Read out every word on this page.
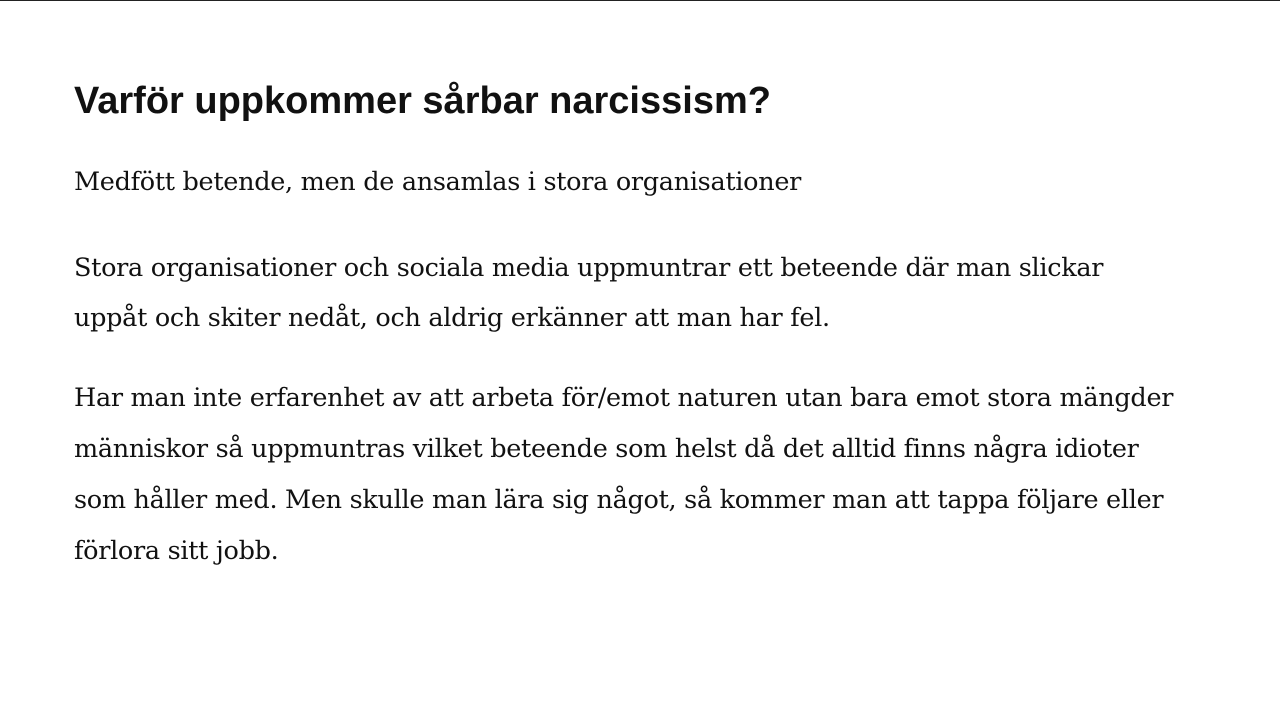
Varför uppkommer sårbar narcissism?

Medfött betende, men de ansamlas i stora organisationer

Stora organisationer och sociala media uppmuntrar ett beteende där man slickar
uppåt och skiter nedåt, och aldrig erkänner att man har fel.

Har man inte erfarenhet av att arbeta för/emot naturen utan bara emot stora mängder
människor så uppmuntras vilket beteende som helst då det alltid finns några idioter
som håller med. Men skulle man lära sig något, så kommer man att tappa följare eller
förlora sitt jobb.
